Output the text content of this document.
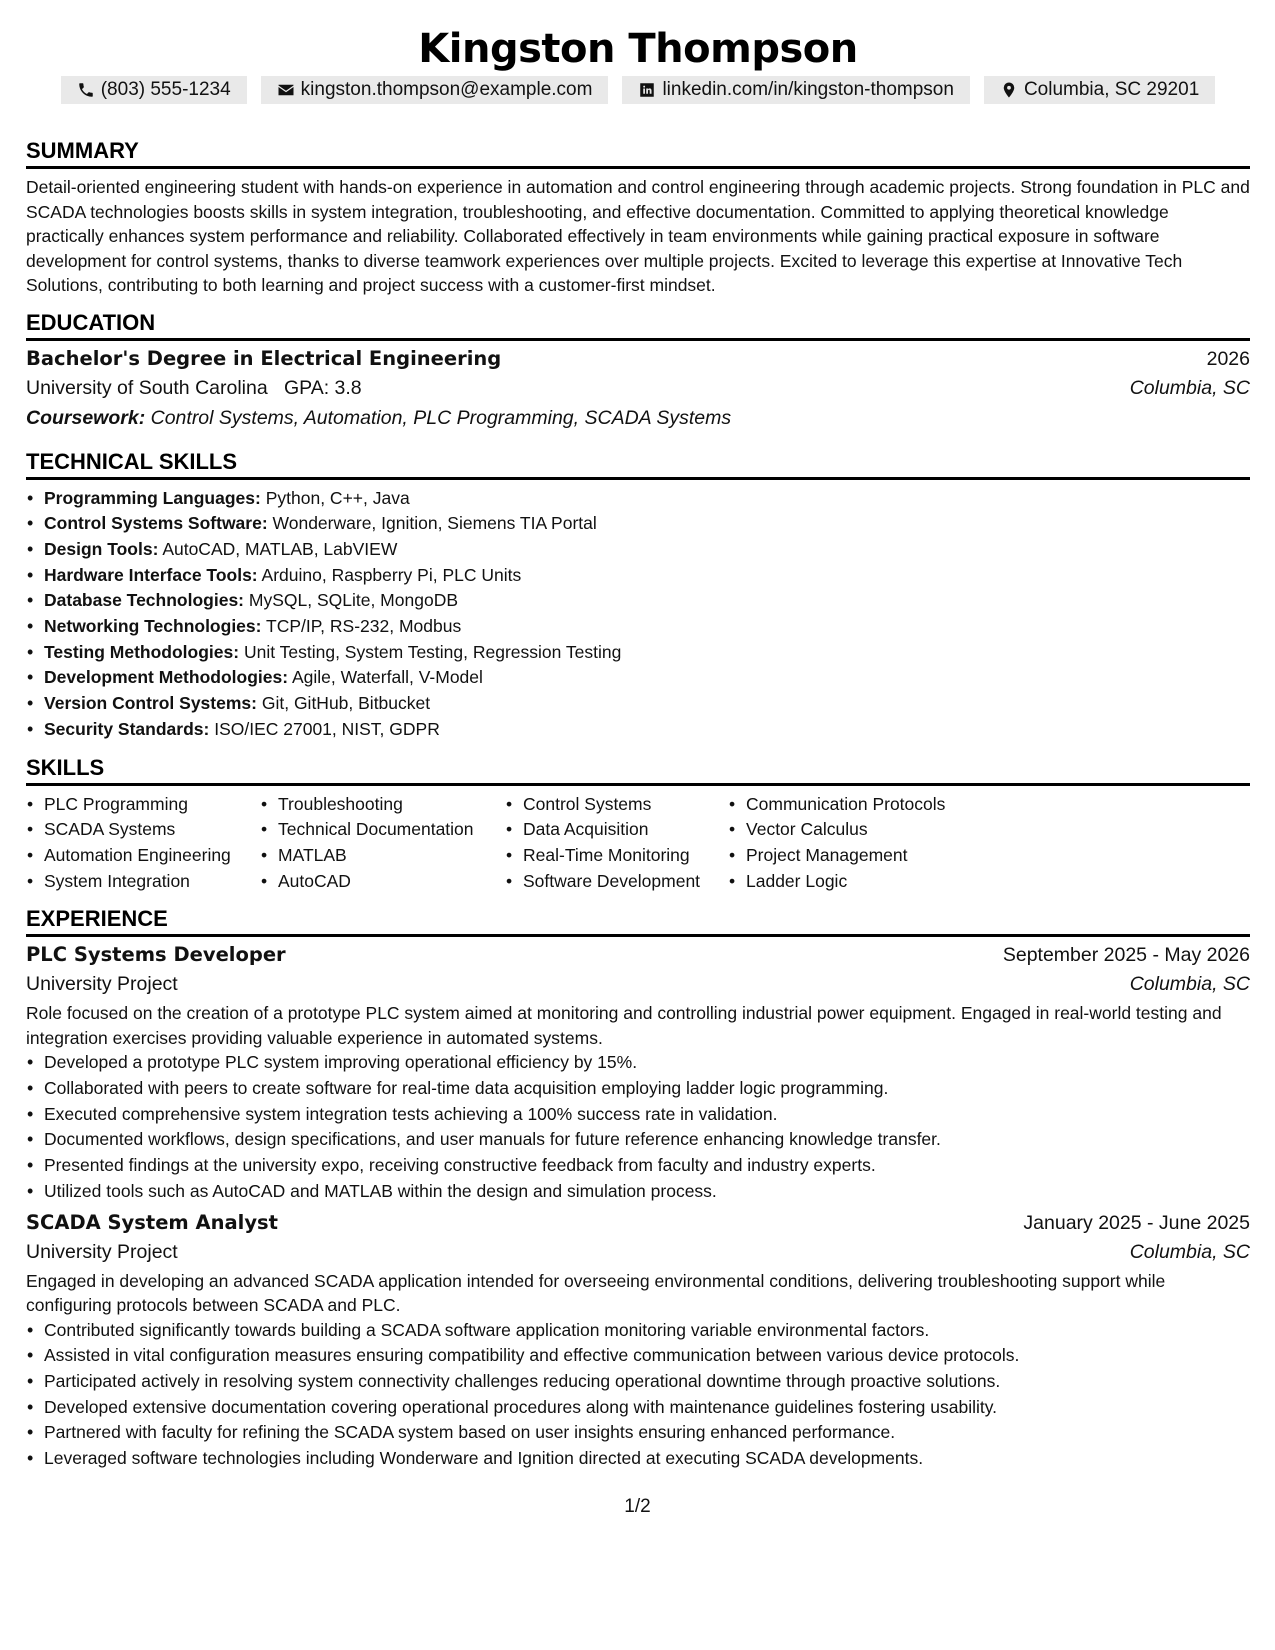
Kingston Thompson
(803) 555-1234	kingston.thompson@example.com	linkedin.com/in/kingston-thompson	Columbia, SC 29201
SUMMARY

Detail-oriented engineering student with hands-on experience in automation and control engineering through academic projects. Strong foundation in PLC and SCADA technologies boosts skills in system integration, troubleshooting, and effective documentation. Committed to applying theoretical knowledge practically enhances system performance and reliability. Collaborated effectively in team environments while gaining practical exposure in software development for control systems, thanks to diverse teamwork experiences over multiple projects. Excited to leverage this expertise at Innovative Tech Solutions, contributing to both learning and project success with a customer-first mindset.

EDUCATION
Bachelor's Degree in Electrical Engineering	2026
University of South Carolina GPA: 3.8	Columbia, SC
Coursework: Control Systems, Automation, PLC Programming, SCADA Systems
TECHNICAL SKILLS
• Programming Languages: Python, C++, Java
• Control Systems Software: Wonderware, Ignition, Siemens TIA Portal
• Design Tools: AutoCAD, MATLAB, LabVIEW
• Hardware Interface Tools: Arduino, Raspberry Pi, PLC Units
• Database Technologies: MySQL, SQLite, MongoDB
• Networking Technologies: TCP/IP, RS-232, Modbus
• Testing Methodologies: Unit Testing, System Testing, Regression Testing
• Development Methodologies: Agile, Waterfall, V-Model
• Version Control Systems: Git, GitHub, Bitbucket
• Security Standards: ISO/IEC 27001, NIST, GDPR
SKILLS
• PLC Programming
• SCADA Systems
• Automation Engineering
• System Integration
• Troubleshooting
• Technical Documentation
• MATLAB
• AutoCAD
• Control Systems
• Data Acquisition
• Real-Time Monitoring
• Software Development
• Communication Protocols
• Vector Calculus
• Project Management
• Ladder Logic
EXPERIENCE
PLC Systems Developer	September 2025 - May 2026
University Project	Columbia, SC

Role focused on the creation of a prototype PLC system aimed at monitoring and controlling industrial power equipment. Engaged in real-world testing and integration exercises providing valuable experience in automated systems.

• Developed a prototype PLC system improving operational efficiency by 15%.
• Collaborated with peers to create software for real-time data acquisition employing ladder logic programming.
• Executed comprehensive system integration tests achieving a 100% success rate in validation.
• Documented workflows, design specifications, and user manuals for future reference enhancing knowledge transfer.
• Presented findings at the university expo, receiving constructive feedback from faculty and industry experts.
• Utilized tools such as AutoCAD and MATLAB within the design and simulation process.
SCADA System Analyst	January 2025 - June 2025
University Project	Columbia, SC

Engaged in developing an advanced SCADA application intended for overseeing environmental conditions, delivering troubleshooting support while configuring protocols between SCADA and PLC.

• Contributed significantly towards building a SCADA software application monitoring variable environmental factors.
• Assisted in vital configuration measures ensuring compatibility and effective communication between various device protocols.
• Participated actively in resolving system connectivity challenges reducing operational downtime through proactive solutions.
• Developed extensive documentation covering operational procedures along with maintenance guidelines fostering usability.
• Partnered with faculty for refining the SCADA system based on user insights ensuring enhanced performance.
• Leveraged software technologies including Wonderware and Ignition directed at executing SCADA developments.
1/2
